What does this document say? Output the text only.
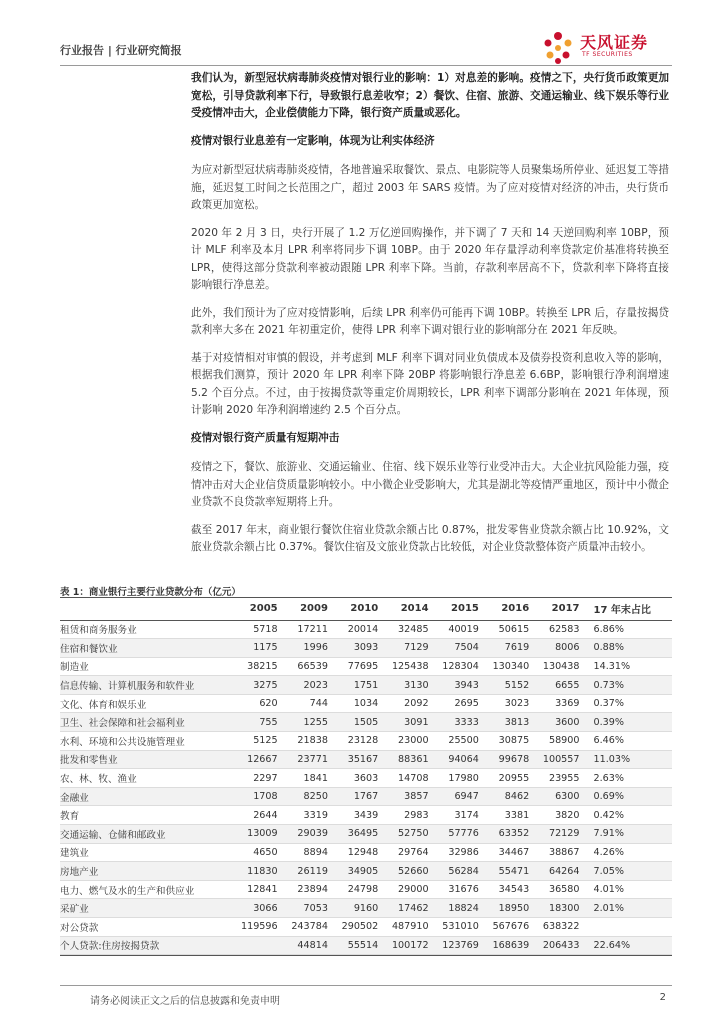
行业报告 | 行业研究简报	天风证券
TF SECURITIES

我们认为，新型冠状病毒肺炎疫情对银行业的影响：1）对息差的影响。疫情之下，央行货币政策更加宽松，引导贷款利率下行，导致银行息差收窄；2）餐饮、住宿、旅游、交通运输业、线下娱乐等行业受疫情冲击大，企业偿债能力下降，银行资产质量或恶化。

疫情对银行业息差有一定影响，体现为让利实体经济

为应对新型冠状病毒肺炎疫情，各地普遍采取餐饮、景点、电影院等人员聚集场所停业、延迟复工等措施，延迟复工时间之长范围之广，超过 2003 年 SARS 疫情。为了应对疫情对经济的冲击，央行货币政策更加宽松。

2020 年 2 月 3 日，央行开展了 1.2 万亿逆回购操作，并下调了 7 天和 14 天逆回购利率 10BP，预计 MLF 利率及本月 LPR 利率将同步下调 10BP。由于 2020 年存量浮动利率贷款定价基准将转换至 LPR，使得这部分贷款利率被动跟随 LPR 利率下降。当前，存款利率居高不下，贷款利率下降将直接影响银行净息差。

此外，我们预计为了应对疫情影响，后续 LPR 利率仍可能再下调 10BP。转换至 LPR 后，存量按揭贷款利率大多在 2021 年初重定价，使得 LPR 利率下调对银行业的影响部分在 2021 年反映。

基于对疫情相对审慎的假设，并考虑到 MLF 利率下调对同业负债成本及债券投资利息收入等的影响，根据我们测算，预计 2020 年 LPR 利率下降 20BP 将影响银行净息差 6.6BP，影响银行净利润增速 5.2 个百分点。不过，由于按揭贷款等重定价周期较长，LPR 利率下调部分影响在 2021 年体现，预计影响 2020 年净利润增速约 2.5 个百分点。

疫情对银行资产质量有短期冲击

疫情之下，餐饮、旅游业、交通运输业、住宿、线下娱乐业等行业受冲击大。大企业抗风险能力强，疫情冲击对大企业信贷质量影响较小。中小微企业受影响大，尤其是湖北等疫情严重地区，预计中小微企业贷款不良贷款率短期将上升。

截至 2017 年末，商业银行餐饮住宿业贷款余额占比 0.87%，批发零售业贷款余额占比 10.92%，文旅业贷款余额占比 0.37%。餐饮住宿及文旅业贷款占比较低，对企业贷款整体资产质量冲击较小。

表 1：商业银行主要行业贷款分布（亿元）
	2005	2009	2010	2014	2015	2016	2017	17 年末占比
租赁和商务服务业	5718	17211	20014	32485	40019	50615	62583	6.86%
住宿和餐饮业	1175	1996	3093	7129	7504	7619	8006	0.88%
制造业	38215	66539	77695	125438	128304	130340	130438	14.31%
信息传输、计算机服务和软件业	3275	2023	1751	3130	3943	5152	6655	0.73%
文化、体育和娱乐业	620	744	1034	2092	2695	3023	3369	0.37%
卫生、社会保障和社会福利业	755	1255	1505	3091	3333	3813	3600	0.39%
水利、环境和公共设施管理业	5125	21838	23128	23000	25500	30875	58900	6.46%
批发和零售业	12667	23771	35167	88361	94064	99678	100557	11.03%
农、林、牧、渔业	2297	1841	3603	14708	17980	20955	23955	2.63%
金融业	1708	8250	1767	3857	6947	8462	6300	0.69%
教育	2644	3319	3439	2983	3174	3381	3820	0.42%
交通运输、仓储和邮政业	13009	29039	36495	52750	57776	63352	72129	7.91%
建筑业	4650	8894	12948	29764	32986	34467	38867	4.26%
房地产业	11830	26119	34905	52660	56284	55471	64264	7.05%
电力、燃气及水的生产和供应业	12841	23894	24798	29000	31676	34543	36580	4.01%
采矿业	3066	7053	9160	17462	18824	18950	18300	2.01%
对公贷款	119596	243784	290502	487910	531010	567676	638322	
个人贷款:住房按揭贷款		44814	55514	100172	123769	168639	206433	22.64%
请务必阅读正文之后的信息披露和免责申明	2
